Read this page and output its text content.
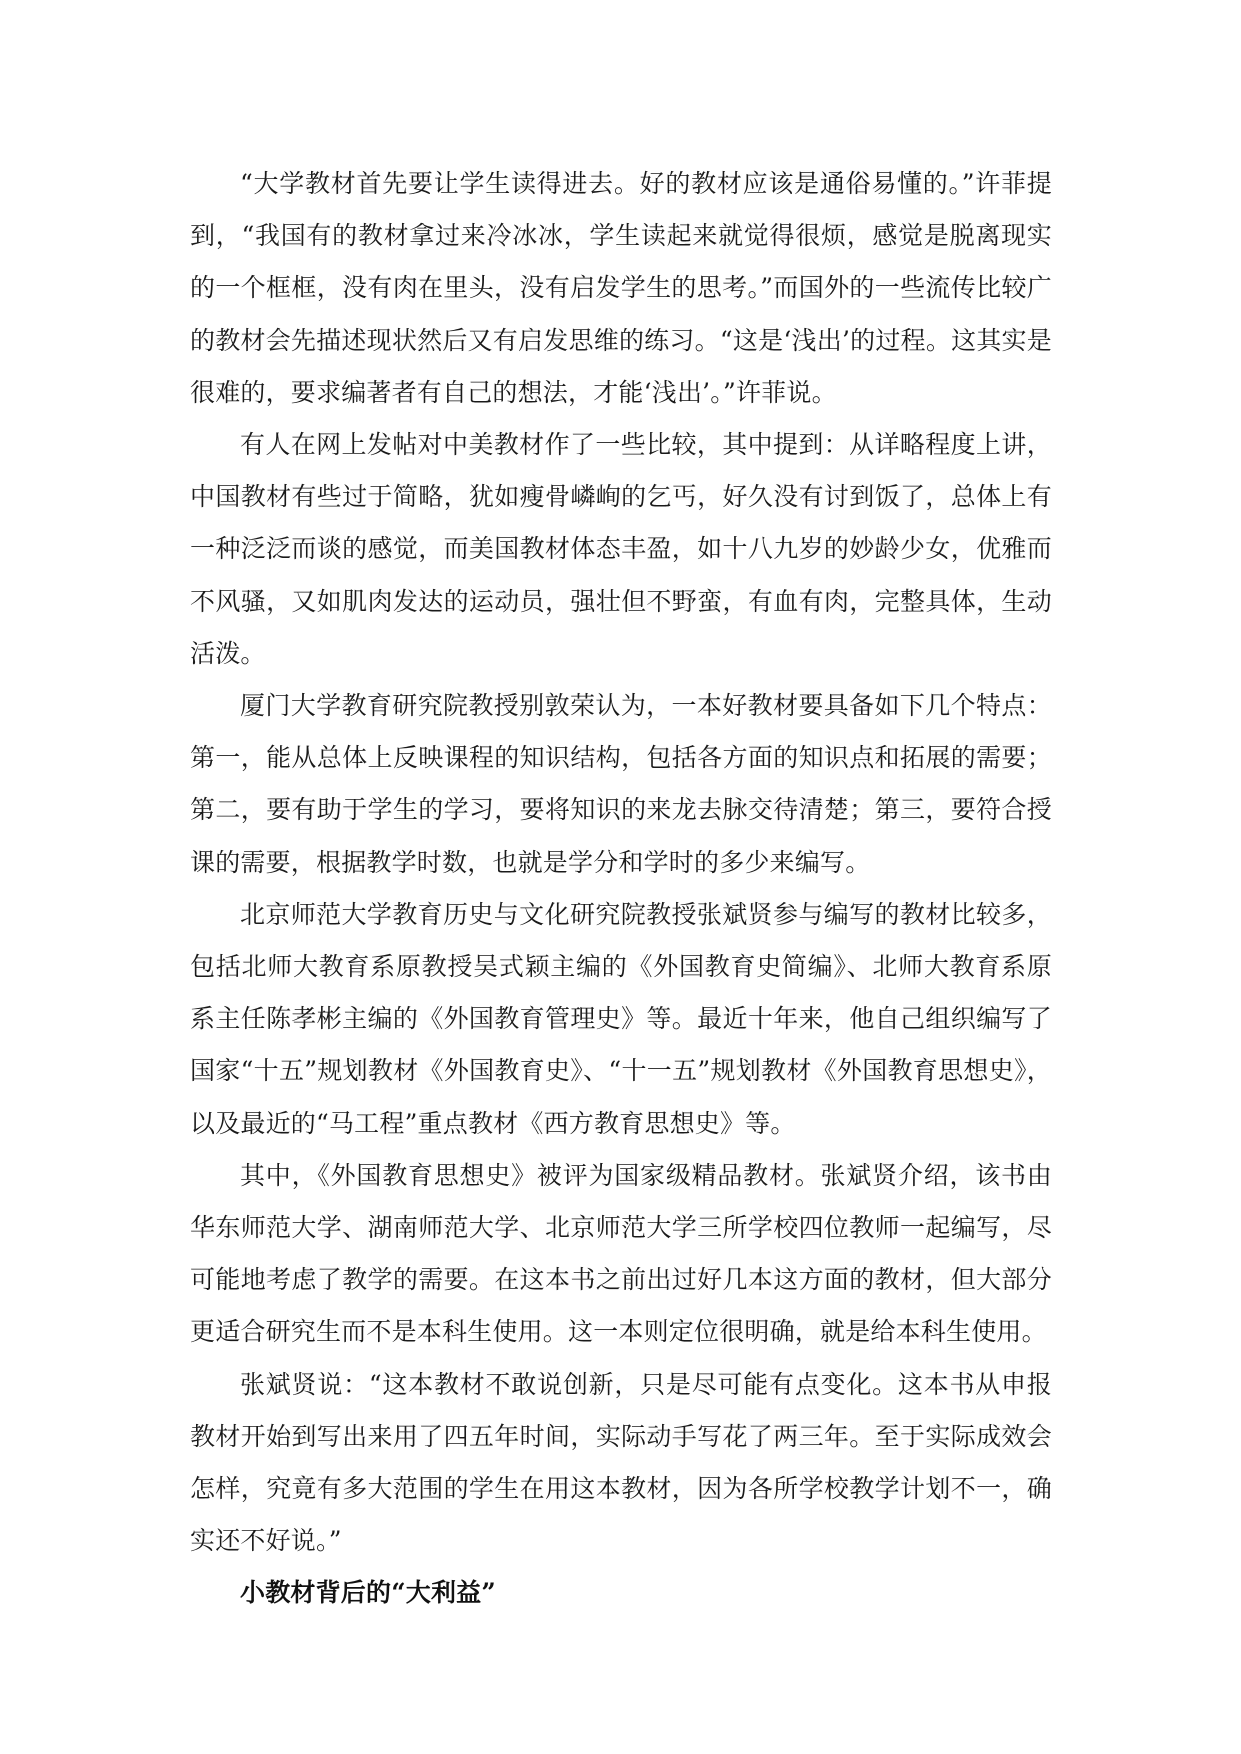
“大学教材首先要让学生读得进去。好的教材应该是通俗易懂的。”许菲提到，“我国有的教材拿过来冷冰冰，学生读起来就觉得很烦，感觉是脱离现实的一个框框，没有肉在里头，没有启发学生的思考。”而国外的一些流传比较广的教材会先描述现状然后又有启发思维的练习。“这是‘浅出’的过程。这其实是很难的，要求编著者有自己的想法，才能‘浅出’。”许菲说。

有人在网上发帖对中美教材作了一些比较，其中提到：从详略程度上讲，中国教材有些过于简略，犹如瘦骨嶙峋的乞丐，好久没有讨到饭了，总体上有一种泛泛而谈的感觉，而美国教材体态丰盈，如十八九岁的妙龄少女，优雅而不风骚，又如肌肉发达的运动员，强壮但不野蛮，有血有肉，完整具体，生动活泼。

厦门大学教育研究院教授别敦荣认为，一本好教材要具备如下几个特点：第一，能从总体上反映课程的知识结构，包括各方面的知识点和拓展的需要；第二，要有助于学生的学习，要将知识的来龙去脉交待清楚；第三，要符合授课的需要，根据教学时数，也就是学分和学时的多少来编写。

北京师范大学教育历史与文化研究院教授张斌贤参与编写的教材比较多，包括北师大教育系原教授吴式颖主编的《外国教育史简编》、北师大教育系原系主任陈孝彬主编的《外国教育管理史》等。最近十年来，他自己组织编写了国家“十五”规划教材《外国教育史》、“十一五”规划教材《外国教育思想史》，以及最近的“马工程”重点教材《西方教育思想史》等。

其中，《外国教育思想史》被评为国家级精品教材。张斌贤介绍，该书由华东师范大学、湖南师范大学、北京师范大学三所学校四位教师一起编写，尽可能地考虑了教学的需要。在这本书之前出过好几本这方面的教材，但大部分更适合研究生而不是本科生使用。这一本则定位很明确，就是给本科生使用。

张斌贤说：“这本教材不敢说创新，只是尽可能有点变化。这本书从申报教材开始到写出来用了四五年时间，实际动手写花了两三年。至于实际成效会怎样，究竟有多大范围的学生在用这本教材，因为各所学校教学计划不一，确实还不好说。”

小教材背后的“大利益”
